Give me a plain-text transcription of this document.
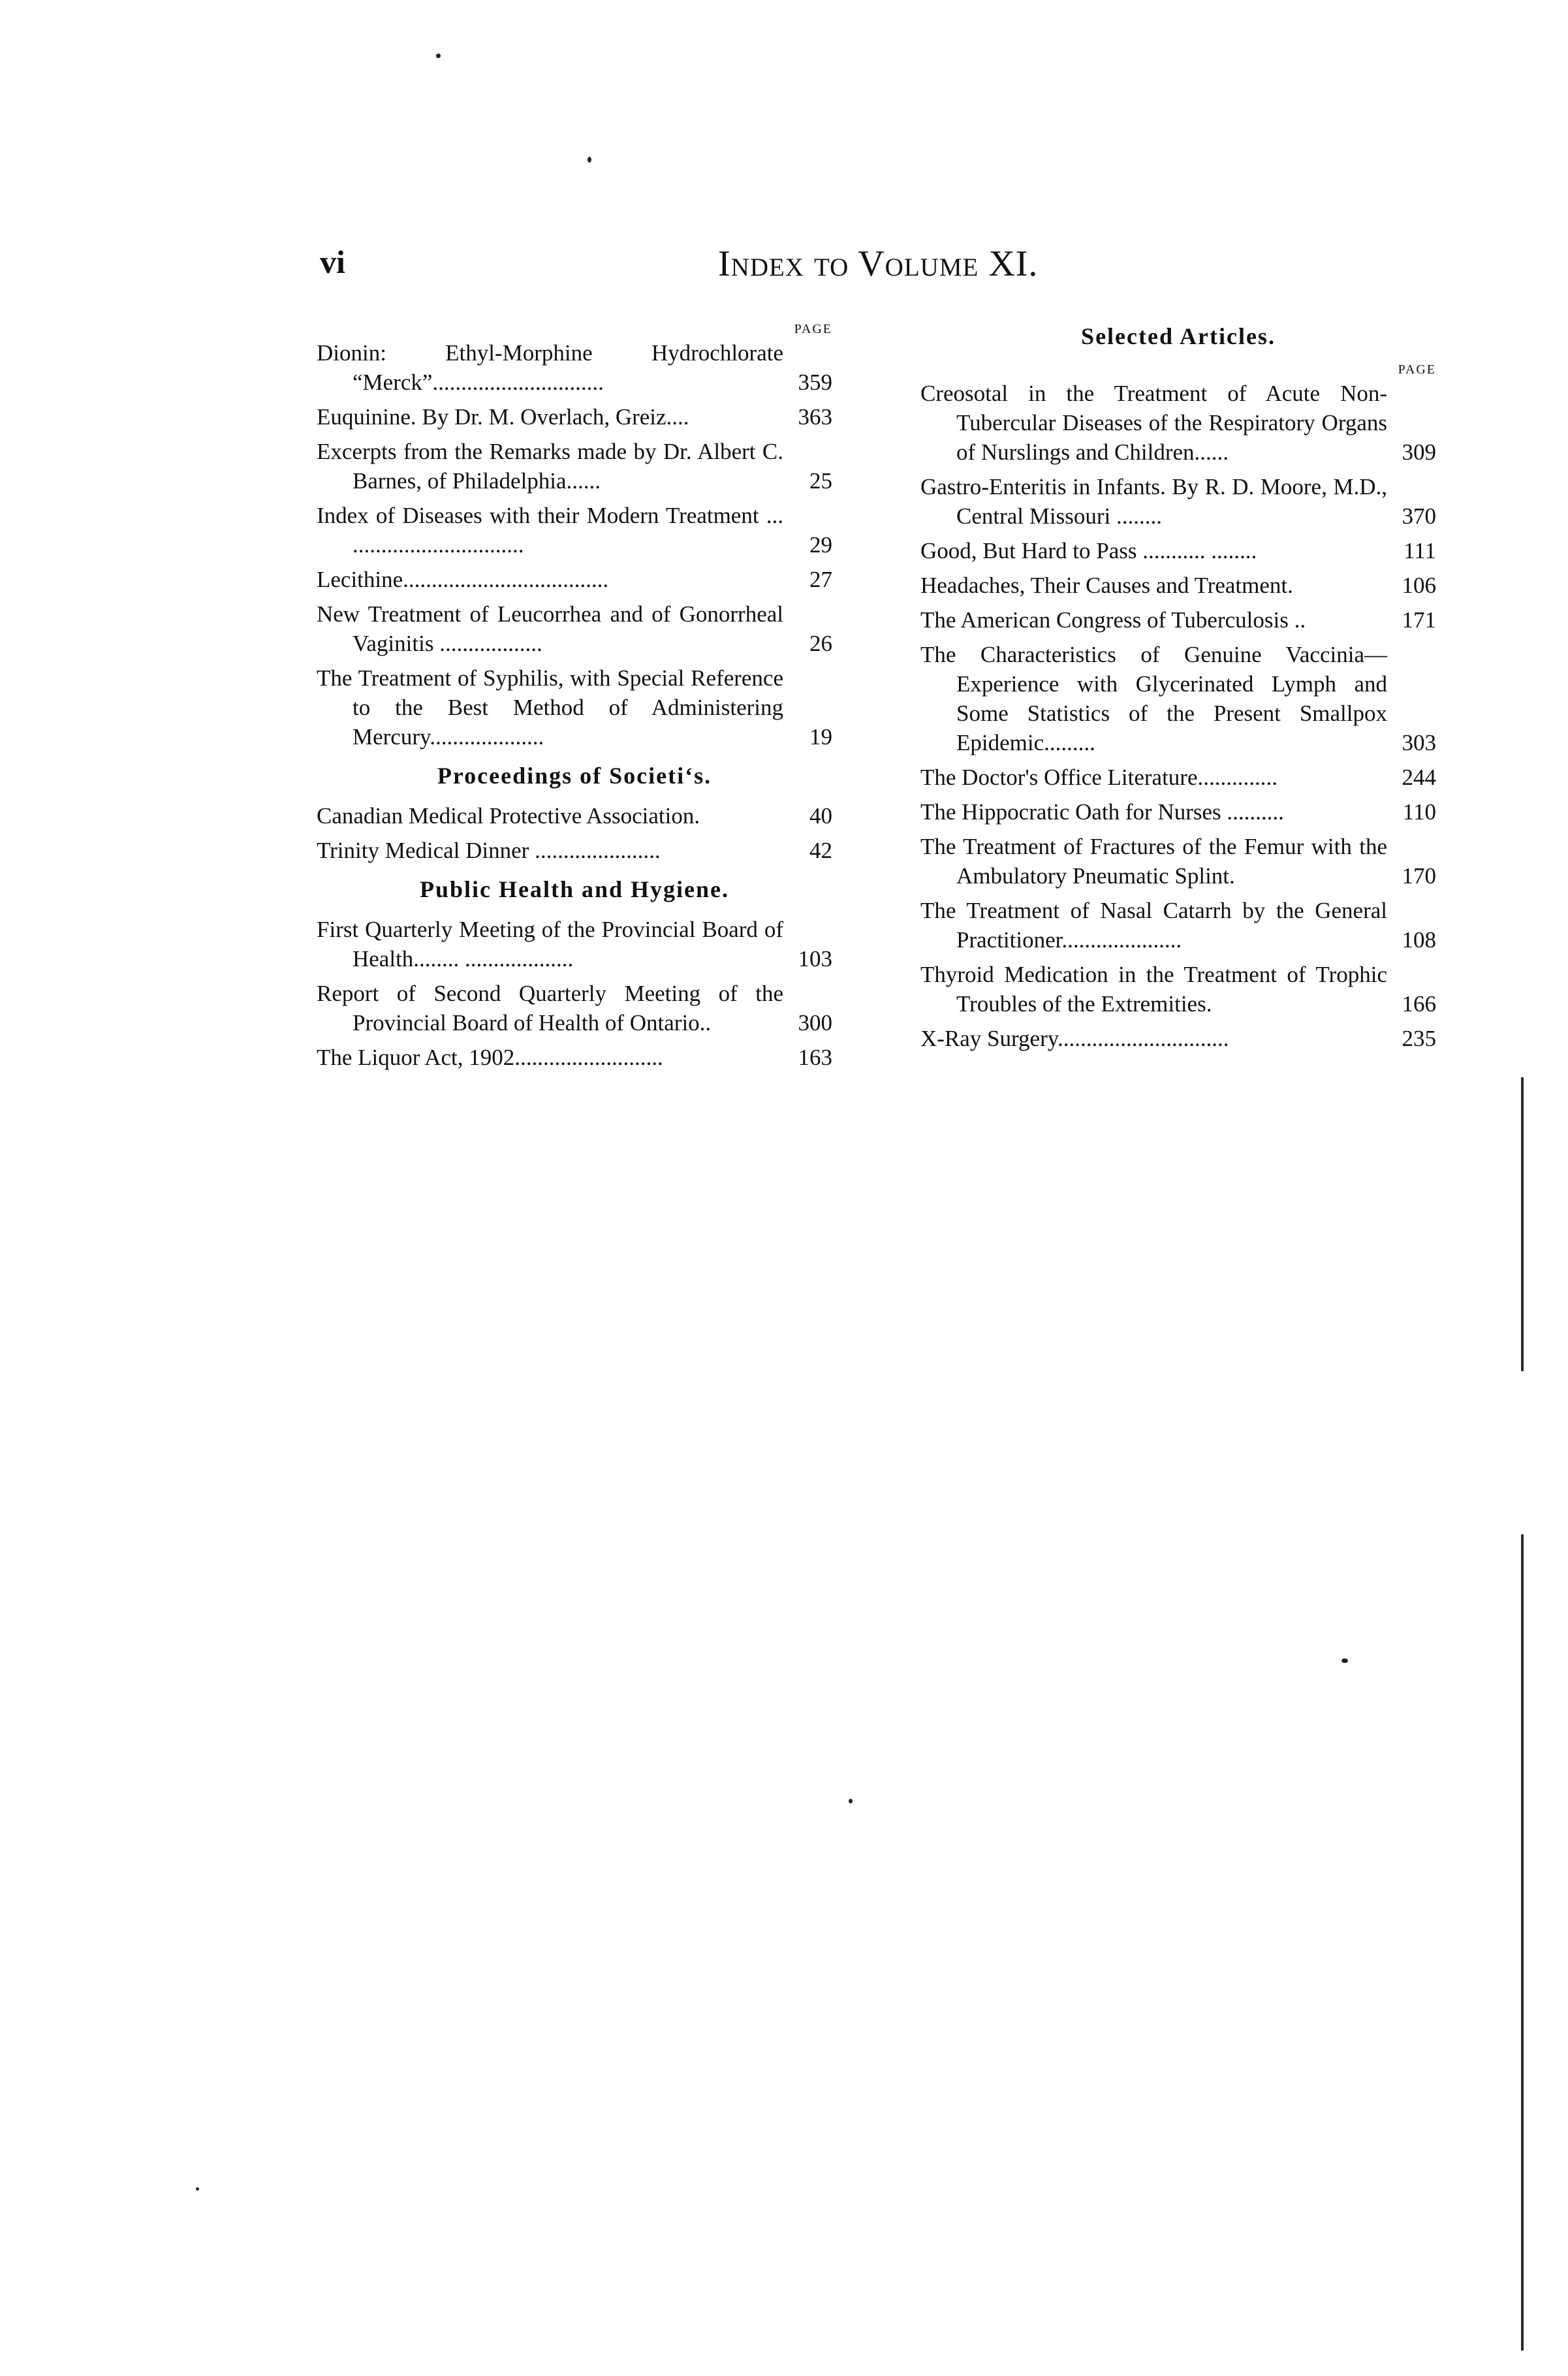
vi	Index to Volume XI.
PAGE
Dionin: Ethyl-Morphine Hydrochlorate “Merck”..............................	359
Euquinine. By Dr. M. Overlach, Greiz....	363
Excerpts from the Remarks made by Dr. Albert C. Barnes, of Philadelphia......	25
Index of Diseases with their Modern Treatment ... ..............................	29
Lecithine....................................	27
New Treatment of Leucorrhea and of Gonorrheal Vaginitis ..................	26
The Treatment of Syphilis, with Special Reference to the Best Method of Administering Mercury....................	19
Proceedings of Societiʻs.
Canadian Medical Protective Association.	40
Trinity Medical Dinner ......................	42
Public Health and Hygiene.
First Quarterly Meeting of the Provincial Board of Health........ ...................	103
Report of Second Quarterly Meeting of the Provincial Board of Health of Ontario..	300
The Liquor Act, 1902..........................	163
Selected Articles.
PAGE
Creosotal in the Treatment of Acute Non-Tubercular Diseases of the Respiratory Organs of Nurslings and Children......	309
Gastro-Enteritis in Infants. By R. D. Moore, M.D., Central Missouri ........	370
Good, But Hard to Pass ........... ........	111
Headaches, Their Causes and Treatment.	106
The American Congress of Tuberculosis ..	171
The Characteristics of Genuine Vaccinia—Experience with Glycerinated Lymph and Some Statistics of the Present Smallpox Epidemic.........	303
The Doctor's Office Literature..............	244
The Hippocratic Oath for Nurses ..........	110
The Treatment of Fractures of the Femur with the Ambulatory Pneumatic Splint.	170
The Treatment of Nasal Catarrh by the General Practitioner.....................	108
Thyroid Medication in the Treatment of Trophic Troubles of the Extremities.	166
X-Ray Surgery..............................	235
